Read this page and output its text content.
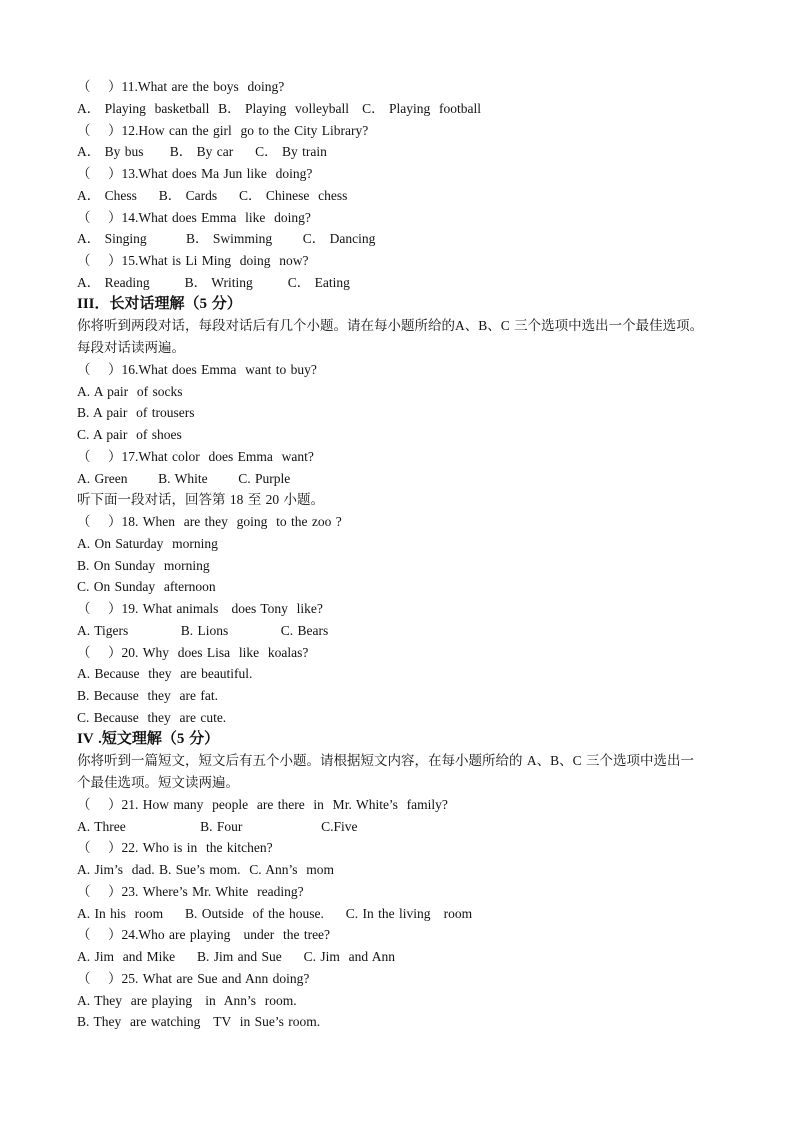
（    ）11.What are the boys  doing?
A． Playing  basketball  B． Playing  volleyball   C． Playing  football
（    ）12.How can the girl  go to the City Library?
A． By bus      B． By car     C． By train
（    ）13.What does Ma Jun like  doing?
A． Chess     B． Cards     C． Chinese  chess
（    ）14.What does Emma  like  doing?
A． Singing         B． Swimming       C． Dancing
（    ）15.What is Li Ming  doing  now?
A． Reading        B． Writing        C． Eating
III．长对话理解（5 分）
你将听到两段对话，每段对话后有几个小题。请在每小题所给的A、B、C 三个选项中选出一个最佳选项。
每段对话读两遍。
（    ）16.What does Emma  want to buy?
A. A pair  of socks
B. A pair  of trousers
C. A pair  of shoes
（    ）17.What color  does Emma  want?
A. Green       B. White       C. Purple
听下面一段对话，回答第 18 至 20 小题。
（    ）18. When  are they  going  to the zoo ?
A. On Saturday  morning
B. On Sunday  morning
C. On Sunday  afternoon
（    ）19. What animals   does Tony  like?
A. Tigers            B. Lions            C. Bears
（    ）20. Why  does Lisa  like  koalas?
A. Because  they  are beautiful.
B. Because  they  are fat.
C. Because  they  are cute.
IV .短文理解（5 分）
你将听到一篇短文，短文后有五个小题。请根据短文内容，在每小题所给的 A、B、C 三个选项中选出一
个最佳选项。短文读两遍。
（    ）21. How many  people  are there  in  Mr. White’s  family?
A. Three                 B. Four                  C.Five
（    ）22. Who is in  the kitchen?
A. Jim’s  dad. B. Sue’s mom.  C. Ann’s  mom
（    ）23. Where’s Mr. White  reading?
A. In his  room     B. Outside  of the house.     C. In the living   room
（    ）24.Who are playing   under  the tree?
A. Jim  and Mike     B. Jim and Sue     C. Jim  and Ann
（    ）25. What are Sue and Ann doing?
A. They  are playing   in  Ann’s  room.
B. They  are watching   TV  in Sue’s room.
